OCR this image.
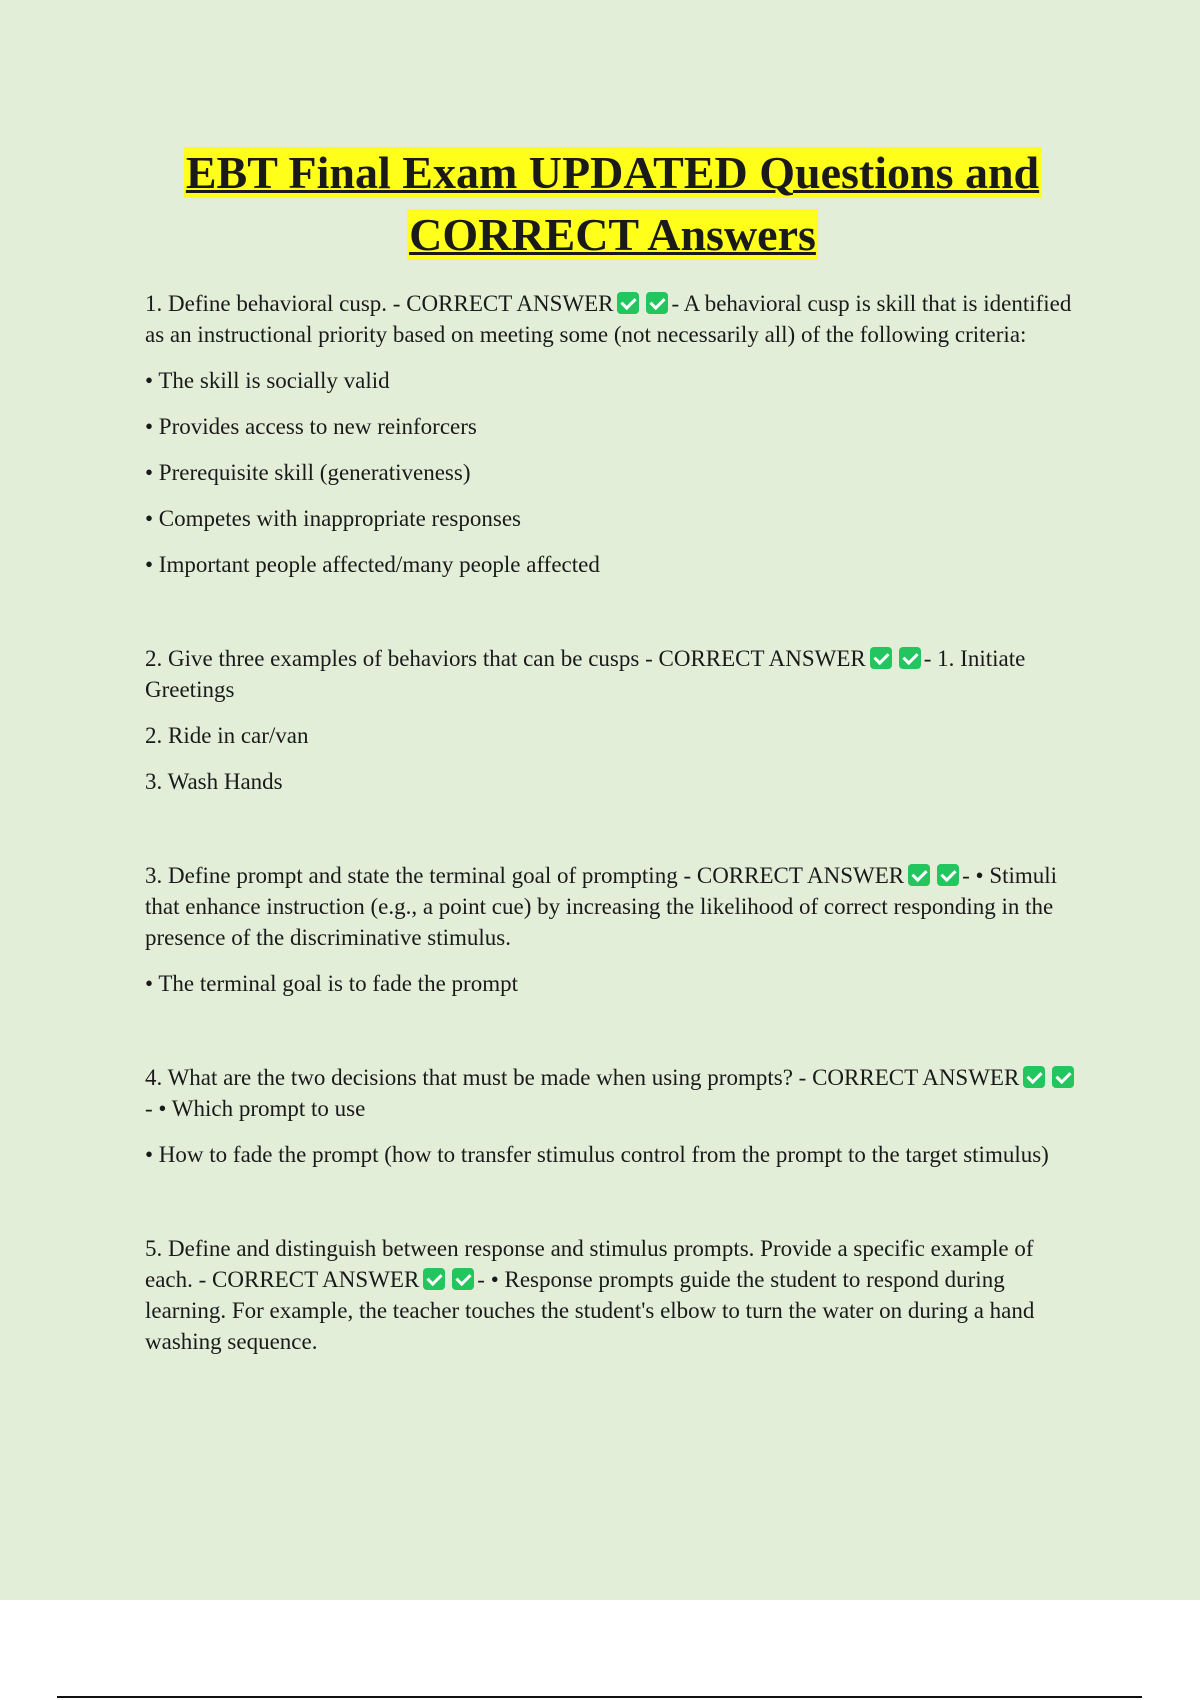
EBT Final Exam UPDATED Questions and
CORRECT Answers

1. Define behavioral cusp. - CORRECT ANSWER	- A behavioral cusp is skill that is identified as an instructional priority based on meeting some (not necessarily all) of the following criteria:

• The skill is socially valid

• Provides access to new reinforcers

• Prerequisite skill (generativeness)

• Competes with inappropriate responses

• Important people affected/many people affected

2. Give three examples of behaviors that can be cusps - CORRECT ANSWER	- 1. Initiate Greetings

2. Ride in car/van

3. Wash Hands

3. Define prompt and state the terminal goal of prompting - CORRECT ANSWER	- • Stimuli that enhance instruction (e.g., a point cue) by increasing the likelihood of correct responding in the presence of the discriminative stimulus.

• The terminal goal is to fade the prompt

4. What are the two decisions that must be made when using prompts? - CORRECT ANSWER- • Which prompt to use

• How to fade the prompt (how to transfer stimulus control from the prompt to the target stimulus)

5. Define and distinguish between response and stimulus prompts. Provide a specific example of each. - CORRECT ANSWER	- • Response prompts guide the student to respond during learning. For example, the teacher touches the student's elbow to turn the water on during a hand washing sequence.
